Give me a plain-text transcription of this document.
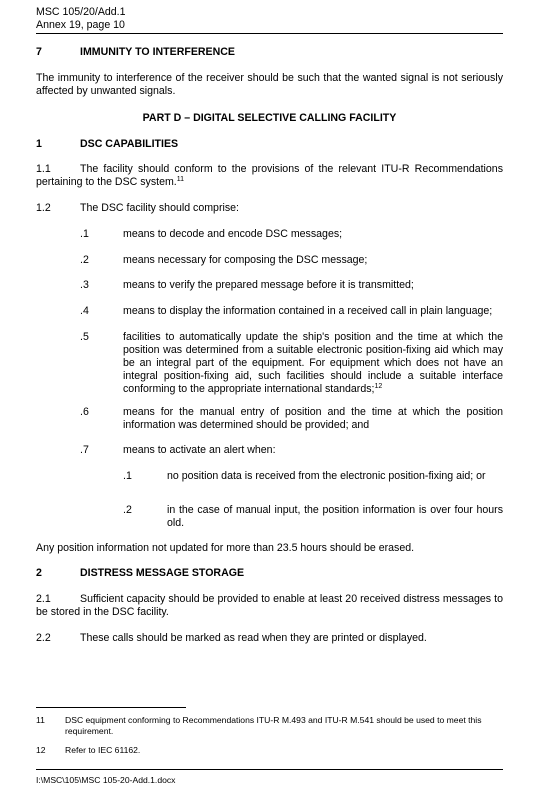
MSC 105/20/Add.1
Annex 19, page 10
7	IMMUNITY TO INTERFERENCE
The immunity to interference of the receiver should be such that the wanted signal is not seriously affected by unwanted signals.
PART D – DIGITAL SELECTIVE CALLING FACILITY
1	DSC CAPABILITIES
1.1	The facility should conform to the provisions of the relevant ITU-R Recommendations pertaining to the DSC system.$^{11}$
1.2	The DSC facility should comprise:
.1	means to decode and encode DSC messages;
.2	means necessary for composing the DSC message;
.3	means to verify the prepared message before it is transmitted;
.4	means to display the information contained in a received call in plain language;
.5	facilities to automatically update the ship's position and the time at which the position was determined from a suitable electronic position-fixing aid which may be an integral part of the equipment. For equipment which does not have an integral position-fixing aid, such facilities should include a suitable interface conforming to the appropriate international standards;$^{12}$
.6	means for the manual entry of position and the time at which the position information was determined should be provided; and
.7	means to activate an alert when:
.1	no position data is received from the electronic position-fixing aid; or
.2	in the case of manual input, the position information is over four hours old.
Any position information not updated for more than 23.5 hours should be erased.
2	DISTRESS MESSAGE STORAGE
2.1	Sufficient capacity should be provided to enable at least 20 received distress messages to be stored in the DSC facility.
2.2	These calls should be marked as read when they are printed or displayed.
11 DSC equipment conforming to Recommendations ITU-R M.493 and ITU-R M.541 should be used to meet this requirement.
12 Refer to IEC 61162.
I:\MSC\105\MSC 105-20-Add.1.docx
